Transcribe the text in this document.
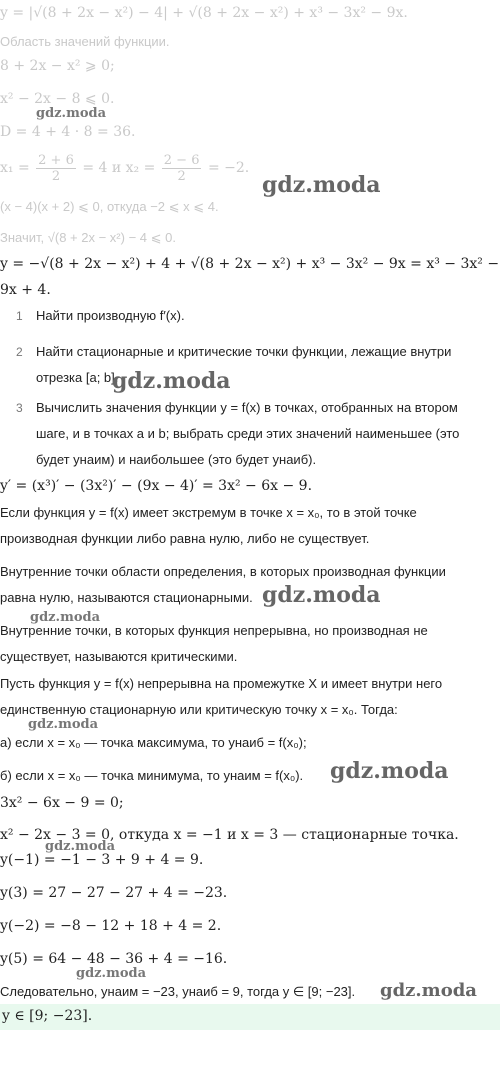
y = |√(8 + 2x − x²) − 4| + √(8 + 2x − x²) + x³ − 3x² − 9x.
Область значений функции.
8 + 2x − x² ⩾ 0;
x² − 2x − 8 ⩽ 0.
D = 4 + 4 · 8 = 36.
$x_1 = \frac{2 + 6}{2} = 4$ и $x_2 = \frac{2 - 6}{2} = -2$.
(x − 4)(x + 2) ⩽ 0, откуда −2 ⩽ x ⩽ 4.
Значит, √(8 + 2x − x²) − 4 ⩽ 0.
y = −√(8 + 2x − x²) + 4 + √(8 + 2x − x²) + x³ − 3x² − 9x = x³ − 3x² −
9x + 4.
1 Найти производную f′(x).
2 Найти стационарные и критические точки функции, лежащие внутри
отрезка [a; b].
3 Вычислить значения функции y = f(x) в точках, отобранных на втором
шаге, и в точках a и b; выбрать среди этих значений наименьшее (это
будет yнаим) и наибольшее (это будет yнаиб).
y′ = (x³)′ − (3x²)′ − (9x − 4)′ = 3x² − 6x − 9.
Если функция y = f(x) имеет экстремум в точке x = x₀, то в этой точке
производная функции либо равна нулю, либо не существует.
Внутренние точки области определения, в которых производная функции
равна нулю, называются стационарными.
Внутренние точки, в которых функция непрерывна, но производная не
существует, называются критическими.
Пусть функция y = f(x) непрерывна на промежутке X и имеет внутри него
единственную стационарную или критическую точку x = x₀. Тогда:
а) если x = x₀ — точка максимума, то yнаиб = f(x₀);
б) если x = x₀ — точка минимума, то yнаим = f(x₀).
3x² − 6x − 9 = 0;
x² − 2x − 3 = 0, откуда x = −1 и x = 3 — стационарные точка.
y(−1) = −1 − 3 + 9 + 4 = 9.
y(3) = 27 − 27 − 27 + 4 = −23.
y(−2) = −8 − 12 + 18 + 4 = 2.
y(5) = 64 − 48 − 36 + 4 = −16.
Следовательно, yнаим = −23, yнаиб = 9, тогда y ∈ [9; −23].
y ∈ [9; −23].
gdz.moda
gdz.moda
gdz.moda
gdz.moda
gdz.moda
gdz.moda
gdz.moda
gdz.moda
gdz.moda
gdz.moda
